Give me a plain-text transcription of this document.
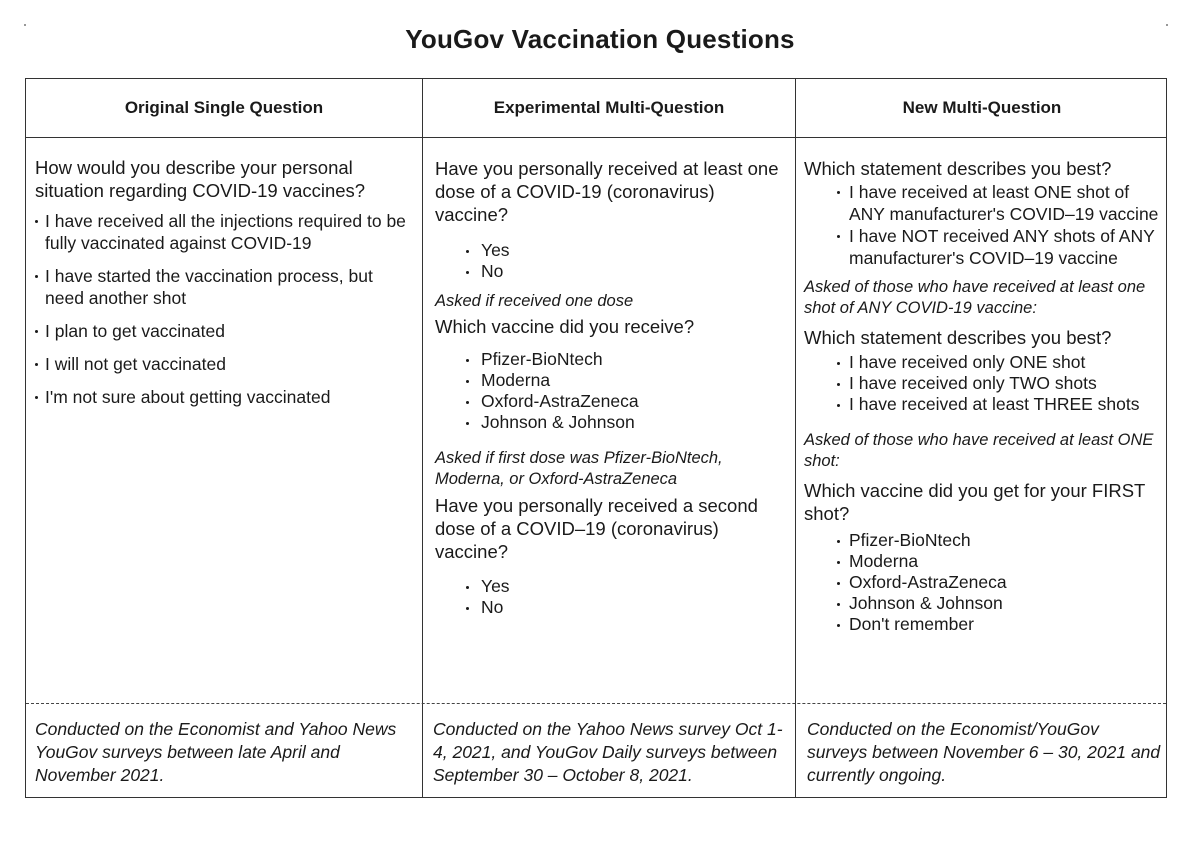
YouGov Vaccination Questions
Original Single Question	Experimental Multi-Question	New Multi-Question

How would you describe your personal situation regarding COVID-19 vaccines?

I have received all the injections required to be fully vaccinated against COVID-19
I have started the vaccination process, but need another shot
I plan to get vaccinated
I will not get vaccinated
I'm not sure about getting vaccinated

Have you personally received at least one dose of a COVID-19 (coronavirus) vaccine?

Yes
No

Asked if received one dose

Which vaccine did you receive?

Pfizer-BioNtech
Moderna
Oxford-AstraZeneca
Johnson & Johnson

Asked if first dose was Pfizer-BioNtech, Moderna, or Oxford-AstraZeneca

Have you personally received a second dose of a COVID–19 (coronavirus) vaccine?

Yes
No

Which statement describes you best?

I have received at least ONE shot of ANY manufacturer's COVID–19 vaccine
I have NOT received ANY shots of ANY manufacturer's COVID–19 vaccine

Asked of those who have received at least one shot of ANY COVID-19 vaccine:

Which statement describes you best?

I have received only ONE shot
I have received only TWO shots
I have received at least THREE shots

Asked of those who have received at least ONE shot:

Which vaccine did you get for your FIRST shot?

Pfizer-BioNtech
Moderna
Oxford-AstraZeneca
Johnson & Johnson
Don't remember
Conducted on the Economist and Yahoo News YouGov surveys between late April and November 2021.
Conducted on the Yahoo News survey Oct 1-4, 2021, and YouGov Daily surveys between September 30 – October 8, 2021.
Conducted on the Economist/YouGov surveys between November 6 – 30, 2021 and currently ongoing.
